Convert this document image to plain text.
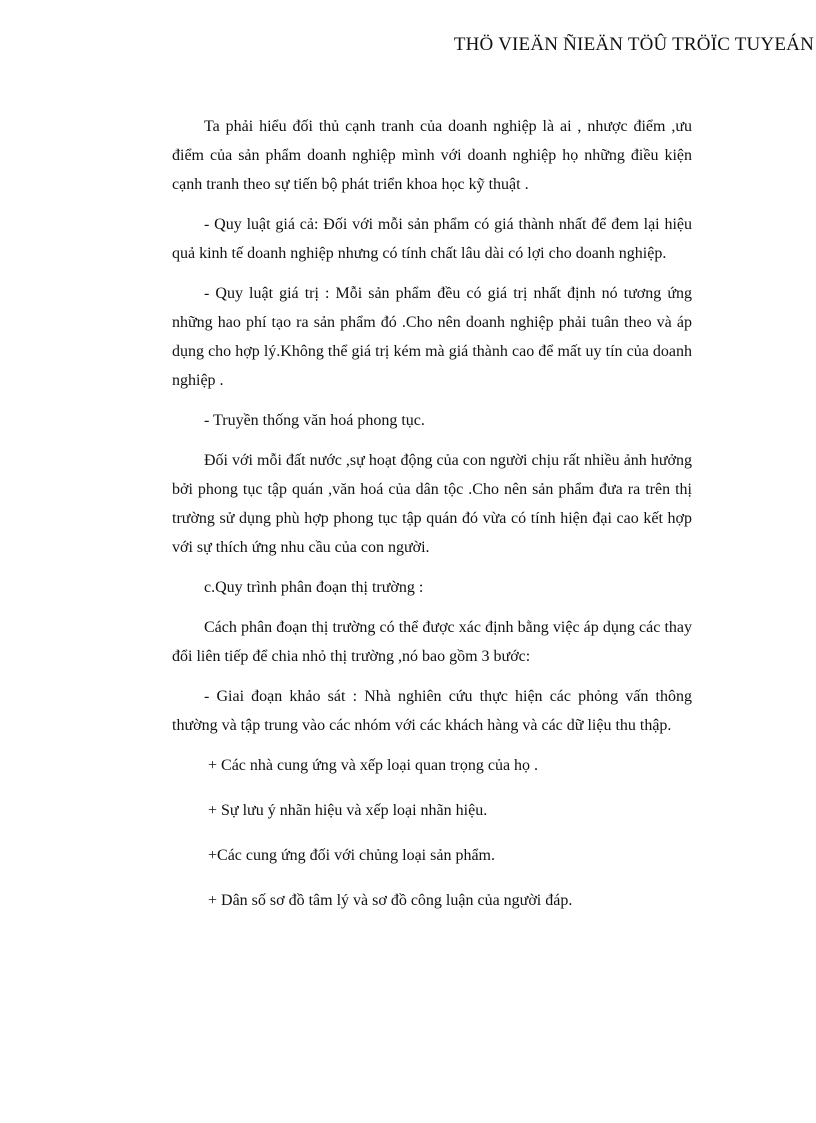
THÖ VIEÄN ÑIEÄN TÖÛ TRÖÏC TUYEÁN

Ta phải hiểu đối thủ cạnh tranh của doanh nghiệp là ai , nhược điểm ,ưu điểm của sản phẩm doanh nghiệp mình với doanh nghiệp họ những điều kiện cạnh tranh theo sự tiến bộ phát triển khoa học kỹ thuật .

- Quy luật giá cả: Đối với mỗi sản phẩm có giá thành nhất để đem lại hiệu quả kinh tế doanh nghiệp nhưng có tính chất lâu dài có lợi cho doanh nghiệp.

- Quy luật giá trị : Mỗi sản phẩm đều có giá trị nhất định nó tương ứng những hao phí tạo ra sản phẩm đó .Cho nên doanh nghiệp phải tuân theo và áp dụng cho hợp lý.Không thể giá trị kém mà giá thành cao để mất uy tín của doanh nghiệp .

- Truyền thống văn hoá phong tục.

Đối với mỗi đất nước ,sự hoạt động của con người chịu rất nhiều ảnh hưởng bởi phong tục tập quán ,văn hoá của dân tộc .Cho nên sản phẩm đưa ra trên thị trường sử dụng phù hợp phong tục tập quán đó vừa có tính hiện đại cao kết hợp với sự thích ứng nhu cầu của con người.

c.Quy trình phân đoạn thị trường :

Cách phân đoạn thị trường có thể được xác định bằng việc áp dụng các thay đổi liên tiếp để chia nhỏ thị trường ,nó bao gồm 3 bước:

- Giai đoạn khảo sát : Nhà nghiên cứu thực hiện các phỏng vấn thông thường và tập trung vào các nhóm với các khách hàng và các dữ liệu thu thập.

+ Các nhà cung ứng và xếp loại quan trọng của họ .
+ Sự lưu ý nhãn hiệu và xếp loại nhãn hiệu.
+Các cung ứng đối với chủng loại sản phẩm.
+ Dân số sơ đồ tâm lý và sơ đồ công luận của người đáp.
